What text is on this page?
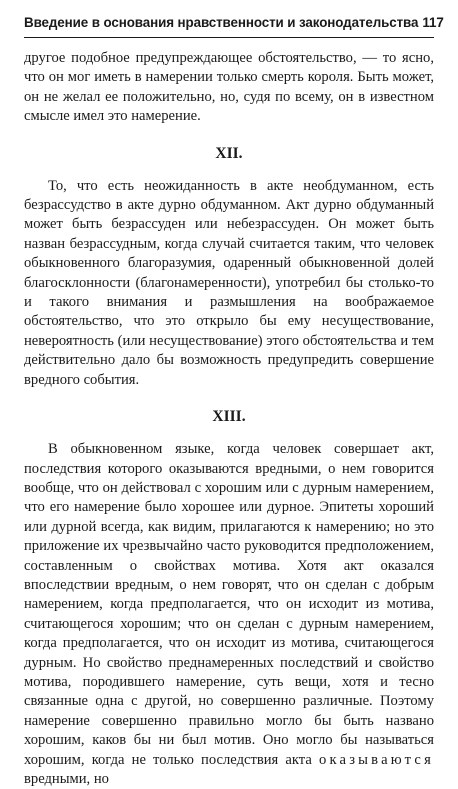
Введение в основания нравственности и законодательства 117

другое подобное предупреждающее обстоятельство, — то ясно, что он мог иметь в намерении только смерть короля. Быть может, он не желал ее положительно, но, судя по всему, он в известном смысле имел это намерение.

XII.

То, что есть неожиданность в акте необдуманном, есть безрассудство в акте дурно обдуманном. Акт дурно обдуманный может быть безрассуден или небезрассуден. Он может быть назван безрассудным, когда случай считается таким, что человек обыкновенного благоразумия, одаренный обыкновенной долей благосклонности (благонамеренности), употребил бы столько-то и такого внимания и размышления на воображаемое обстоятельство, что это открыло бы ему несуществование, невероятность (или несуществование) этого обстоятельства и тем действительно дало бы возможность предупредить совершение вредного события.

XIII.

В обыкновенном языке, когда человек совершает акт, последствия которого оказываются вредными, о нем говорится вообще, что он действовал с хорошим или с дурным намерением, что его намерение было хорошее или дурное. Эпитеты хороший или дурной всегда, как видим, прилагаются к намерению; но это приложение их чрезвычайно часто руководится предположением, составленным о свойствах мотива. Хотя акт оказался впоследствии вредным, о нем говорят, что он сделан с добрым намерением, когда предполагается, что он исходит из мотива, считающегося хорошим; что он сделан с дурным намерением, когда предполагается, что он исходит из мотива, считающегося дурным. Но свойство преднамеренных последствий и свойство мотива, породившего намерение, суть вещи, хотя и тесно связанные одна с другой, но совершенно различные. Поэтому намерение совершенно правильно могло бы быть названо хорошим, каков бы ни был мотив. Оно могло бы называться хорошим, когда не только последствия акта оказываются вредными, но
